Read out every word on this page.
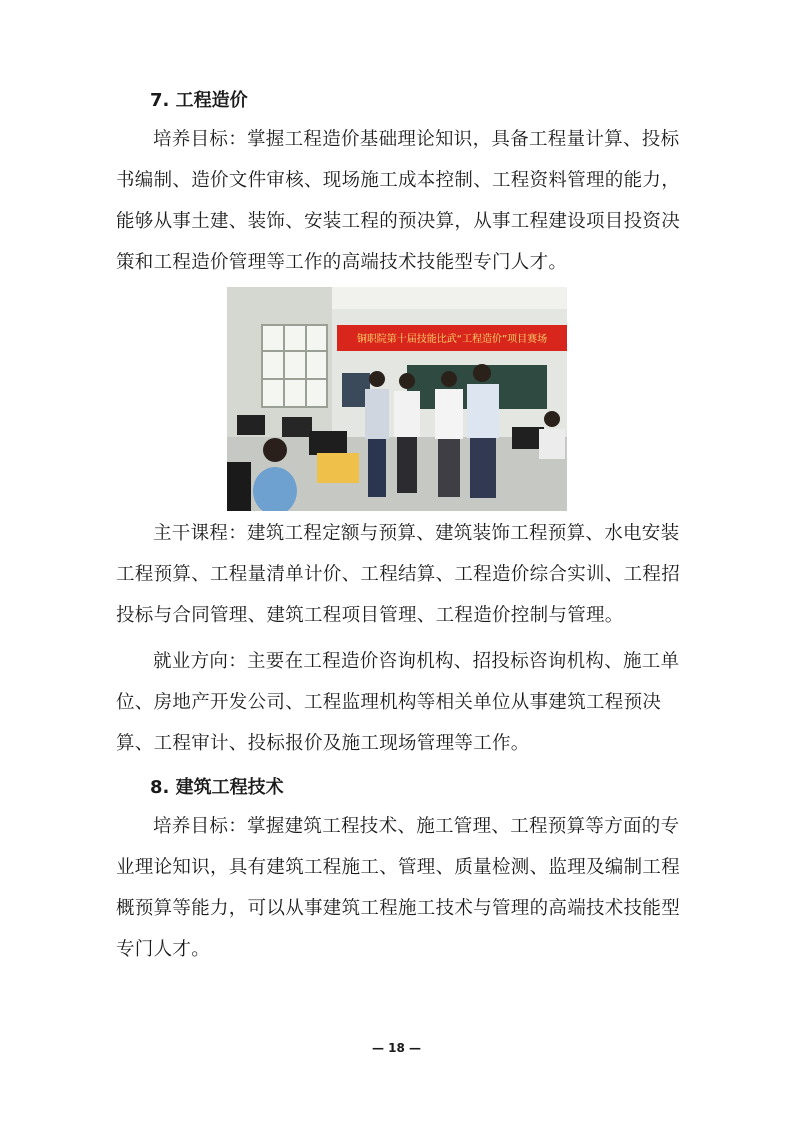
7. 工程造价

培养目标：掌握工程造价基础理论知识，具备工程量计算、投标书编制、造价文件审核、现场施工成本控制、工程资料管理的能力，能够从事土建、装饰、安装工程的预决算，从事工程建设项目投资决策和工程造价管理等工作的高端技术技能型专门人才。

铜职院第十届技能比武“工程造价”项目赛场

主干课程：建筑工程定额与预算、建筑装饰工程预算、水电安装工程预算、工程量清单计价、工程结算、工程造价综合实训、工程招投标与合同管理、建筑工程项目管理、工程造价控制与管理。

就业方向：主要在工程造价咨询机构、招投标咨询机构、施工单位、房地产开发公司、工程监理机构等相关单位从事建筑工程预决算、工程审计、投标报价及施工现场管理等工作。

8. 建筑工程技术

培养目标：掌握建筑工程技术、施工管理、工程预算等方面的专业理论知识，具有建筑工程施工、管理、质量检测、监理及编制工程概预算等能力，可以从事建筑工程施工技术与管理的高端技术技能型专门人才。

— 18 —
